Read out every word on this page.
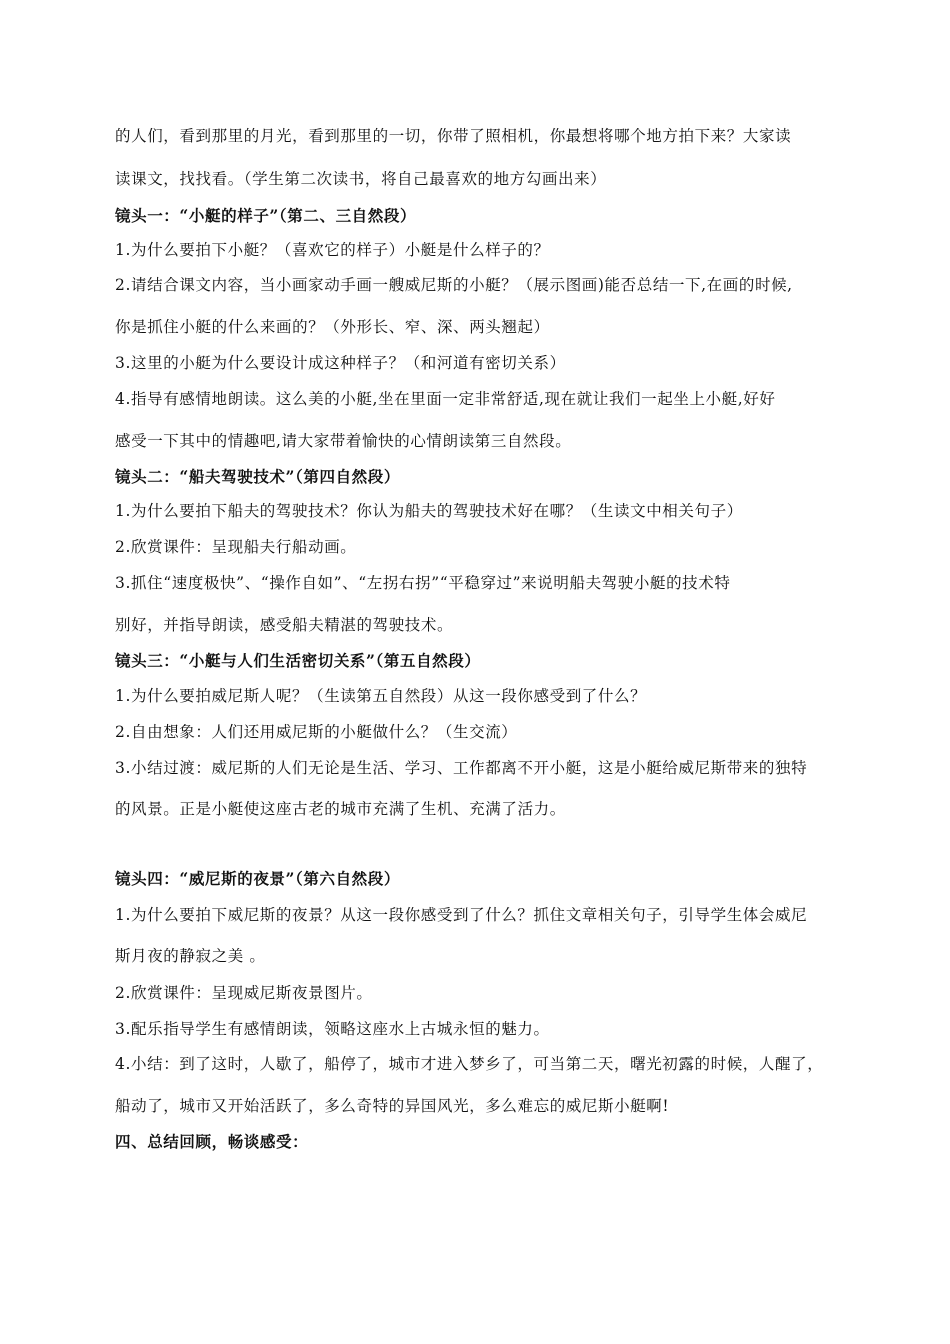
的人们，看到那里的月光，看到那里的一切，你带了照相机，你最想将哪个地方拍下来？大家读
读课文，找找看。（学生第二次读书，将自己最喜欢的地方勾画出来）
镜头一：“小艇的样子”（第二、三自然段）
1.为什么要拍下小艇？（喜欢它的样子）小艇是什么样子的？
2.请结合课文内容，当小画家动手画一艘威尼斯的小艇？（展示图画)能否总结一下,在画的时候,
你是抓住小艇的什么来画的？（外形长、窄、深、两头翘起）
3.这里的小艇为什么要设计成这种样子？（和河道有密切关系）
4.指导有感情地朗读。这么美的小艇,坐在里面一定非常舒适,现在就让我们一起坐上小艇,好好
感受一下其中的情趣吧,请大家带着愉快的心情朗读第三自然段。
镜头二：“船夫驾驶技术”（第四自然段）
1.为什么要拍下船夫的驾驶技术？你认为船夫的驾驶技术好在哪？（生读文中相关句子）
2.欣赏课件：呈现船夫行船动画。
3.抓住“速度极快”、“操作自如”、“左拐右拐”“平稳穿过”来说明船夫驾驶小艇的技术特
别好，并指导朗读，感受船夫精湛的驾驶技术。
镜头三：“小艇与人们生活密切关系”（第五自然段）
1.为什么要拍威尼斯人呢？（生读第五自然段）从这一段你感受到了什么？
2.自由想象：人们还用威尼斯的小艇做什么？（生交流）
3.小结过渡：威尼斯的人们无论是生活、学习、工作都离不开小艇，这是小艇给威尼斯带来的独特
的风景。正是小艇使这座古老的城市充满了生机、充满了活力。
镜头四：“威尼斯的夜景”（第六自然段）
1.为什么要拍下威尼斯的夜景？从这一段你感受到了什么？抓住文章相关句子，引导学生体会威尼
斯月夜的静寂之美 。
2.欣赏课件：呈现威尼斯夜景图片。
3.配乐指导学生有感情朗读，领略这座水上古城永恒的魅力。
4.小结：到了这时，人歇了，船停了，城市才进入梦乡了，可当第二天，曙光初露的时候，人醒了，
船动了，城市又开始活跃了，多么奇特的异国风光，多么难忘的威尼斯小艇啊!
四、总结回顾，畅谈感受：
